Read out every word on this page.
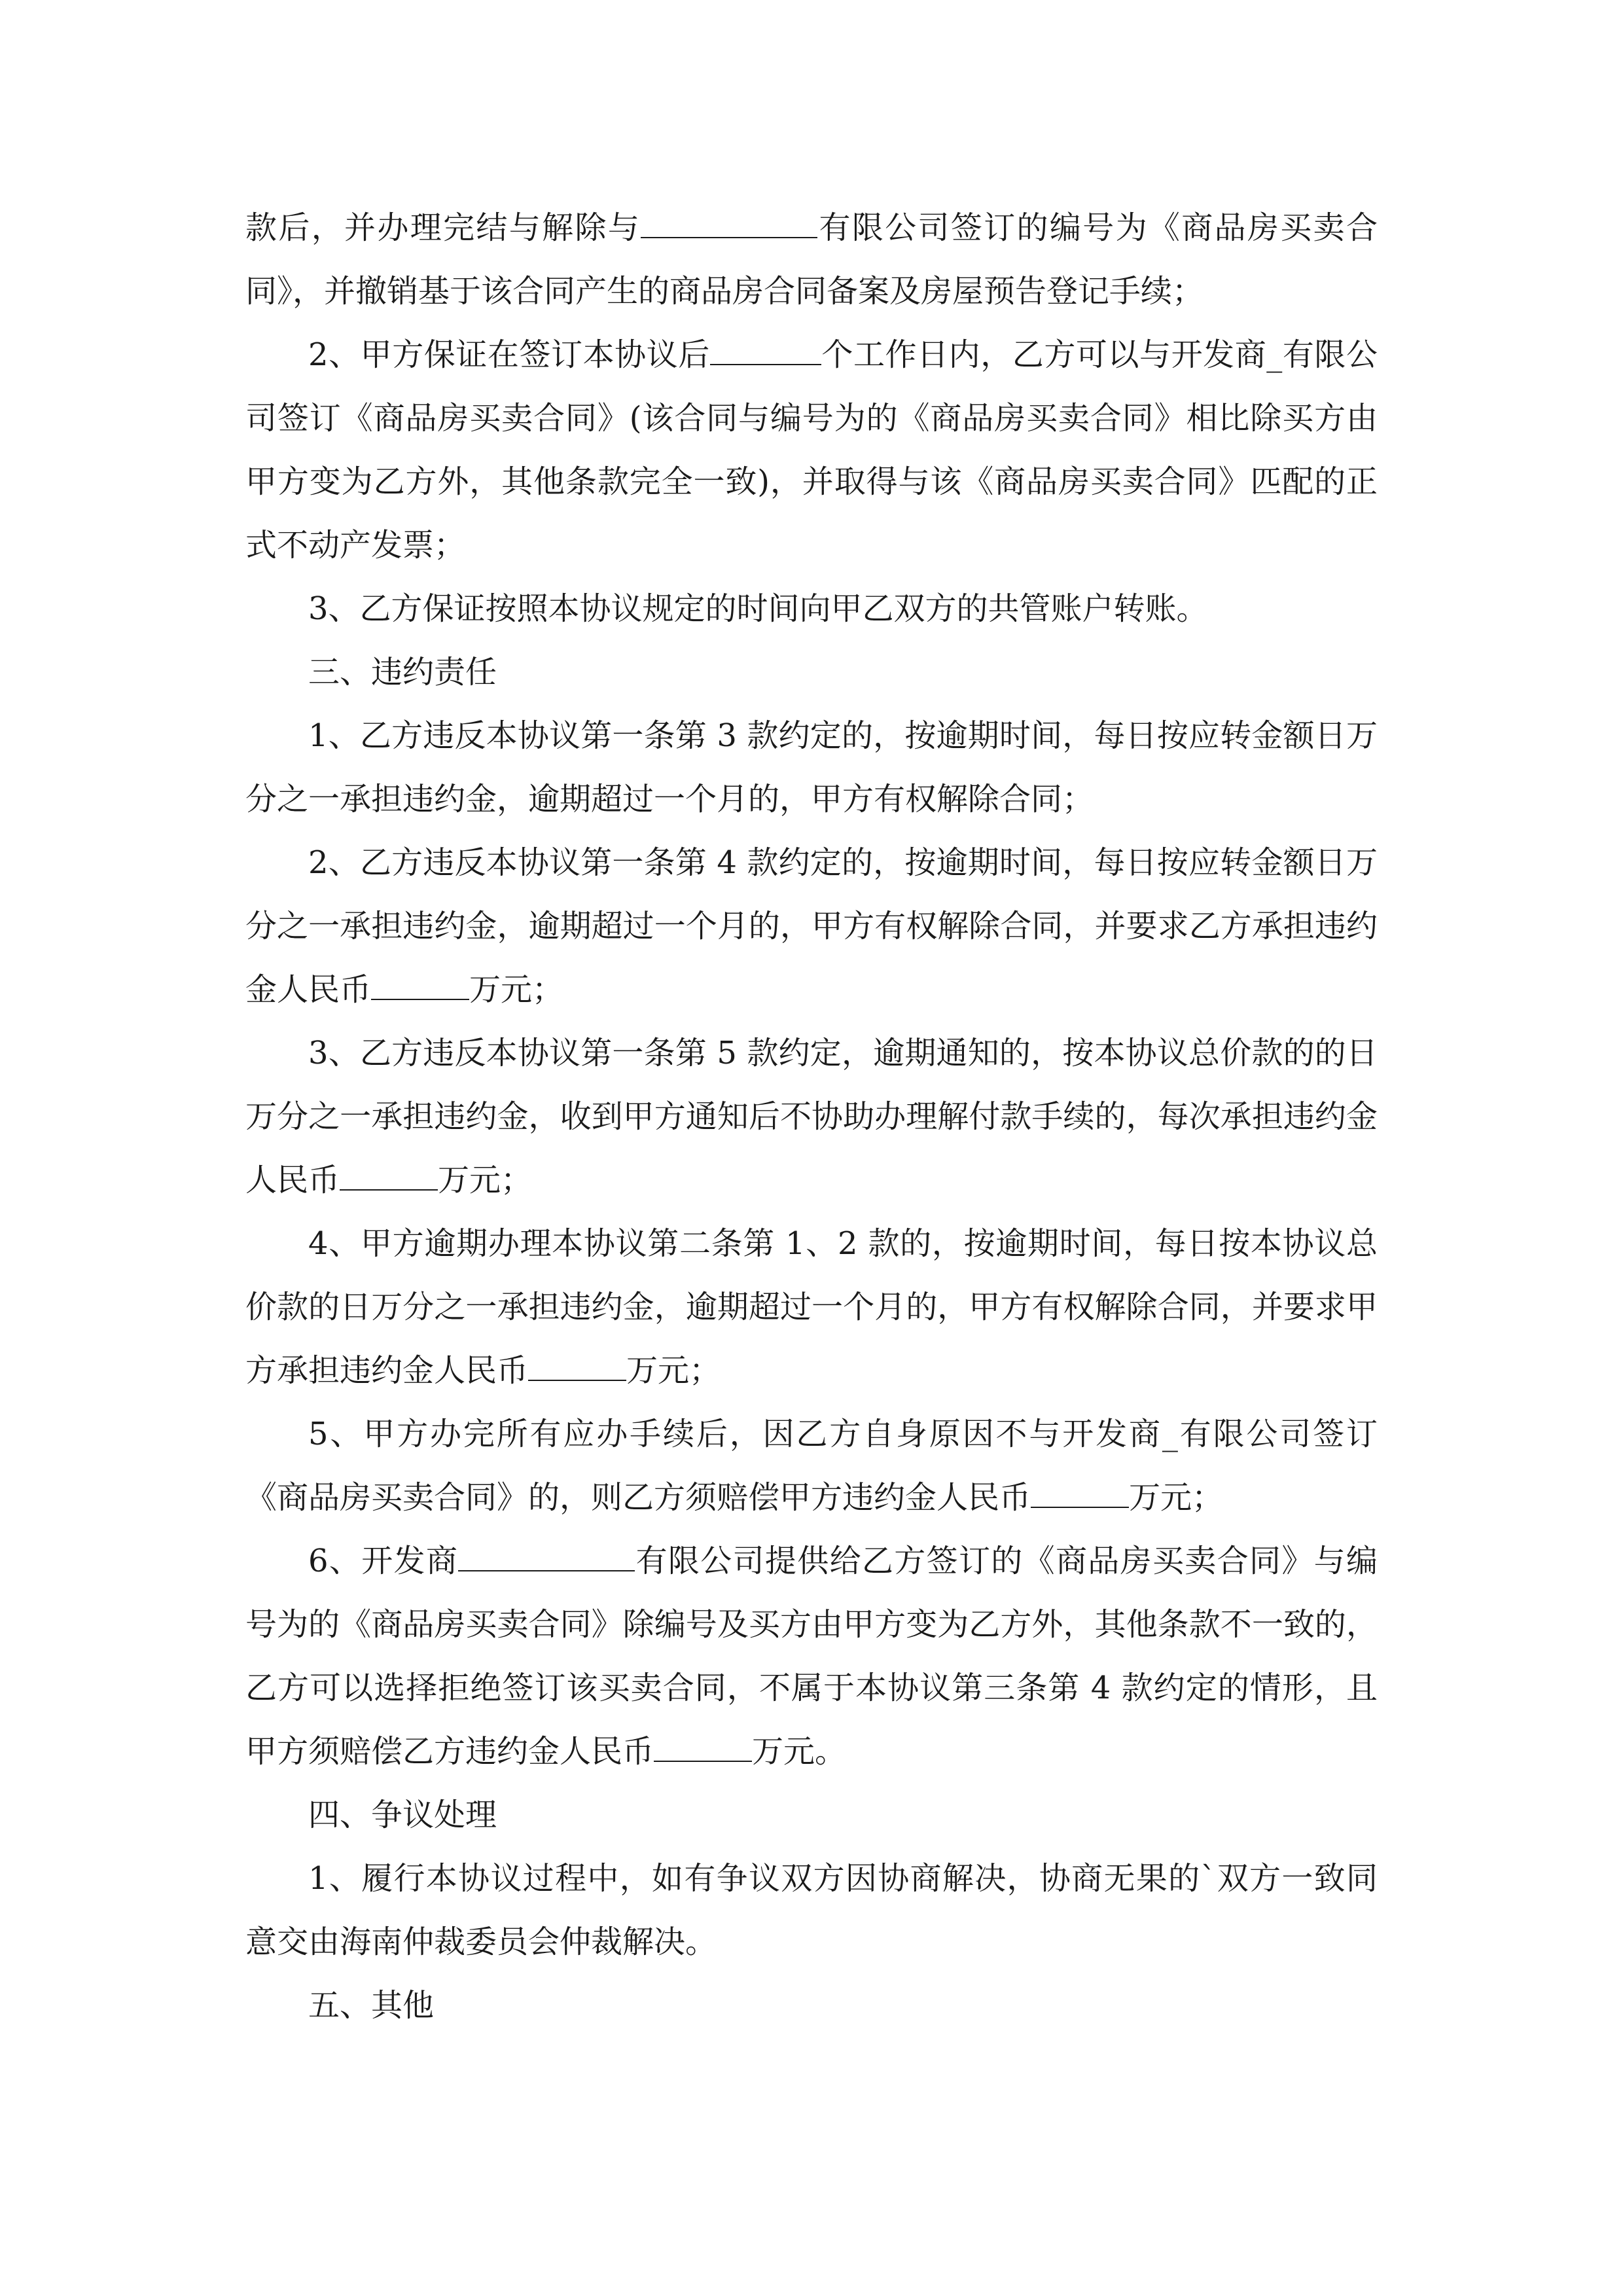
款后，并办理完结与解除与	有限公司签订的编号为《商品房买卖合同》，并撤销基于该合同产生的商品房合同备案及房屋预告登记手续；

2、甲方保证在签订本协议后	个工作日内，乙方可以与开发商_有限公司签订《商品房买卖合同》(该合同与编号为的《商品房买卖合同》相比除买方由甲方变为乙方外，其他条款完全一致)，并取得与该《商品房买卖合同》匹配的正式不动产发票；

3、乙方保证按照本协议规定的时间向甲乙双方的共管账户转账。

三、违约责任

1、乙方违反本协议第一条第 3 款约定的，按逾期时间，每日按应转金额日万分之一承担违约金，逾期超过一个月的，甲方有权解除合同；

2、乙方违反本协议第一条第 4 款约定的，按逾期时间，每日按应转金额日万分之一承担违约金，逾期超过一个月的，甲方有权解除合同，并要求乙方承担违约金人民币	万元；

3、乙方违反本协议第一条第 5 款约定，逾期通知的，按本协议总价款的的日万分之一承担违约金，收到甲方通知后不协助办理解付款手续的，每次承担违约金人民币	万元；

4、甲方逾期办理本协议第二条第 1、2 款的，按逾期时间，每日按本协议总价款的日万分之一承担违约金，逾期超过一个月的，甲方有权解除合同，并要求甲方承担违约金人民币	万元；

5、甲方办完所有应办手续后，因乙方自身原因不与开发商_有限公司签订《商品房买卖合同》的，则乙方须赔偿甲方违约金人民币	万元；

6、开发商	有限公司提供给乙方签订的《商品房买卖合同》与编号为的《商品房买卖合同》除编号及买方由甲方变为乙方外，其他条款不一致的，乙方可以选择拒绝签订该买卖合同，不属于本协议第三条第 4 款约定的情形，且甲方须赔偿乙方违约金人民币	万元。

四、争议处理

1、履行本协议过程中，如有争议双方因协商解决，协商无果的`双方一致同意交由海南仲裁委员会仲裁解决。

五、其他
